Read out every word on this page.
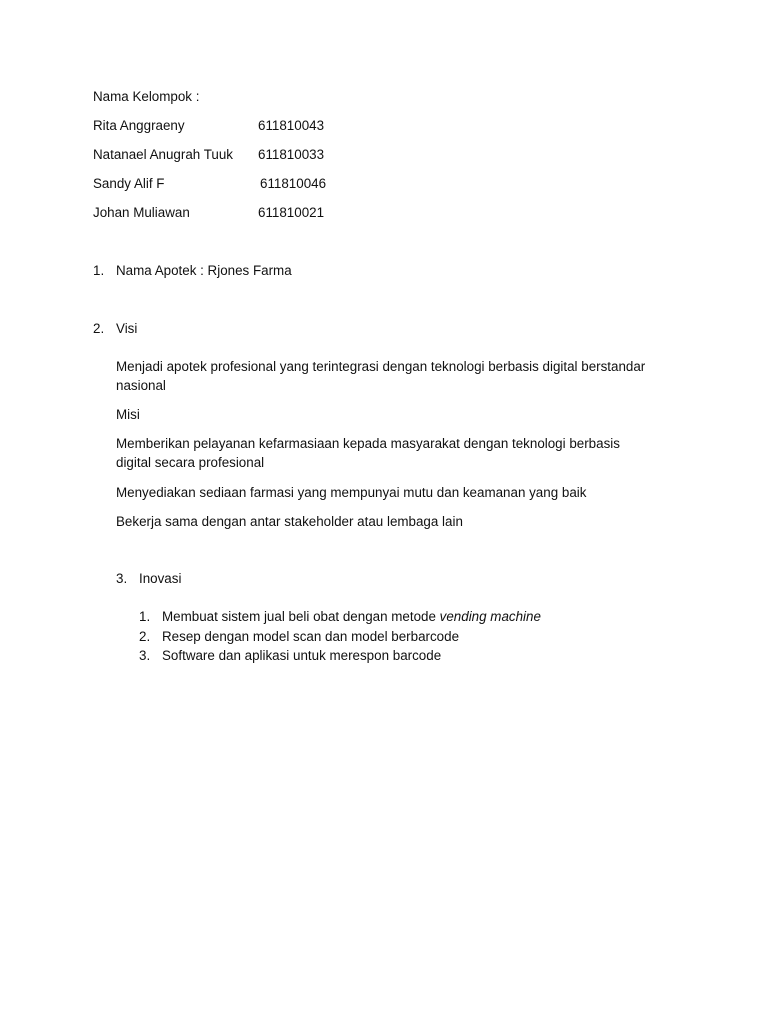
Nama Kelompok :
Rita Anggraeny	611810043
Natanael Anugrah Tuuk 611810033
Sandy Alif F	611810046
Johan Muliawan	611810021
1. Nama Apotek : Rjones Farma
2. Visi
Menjadi apotek profesional yang terintegrasi dengan teknologi berbasis digital berstandar nasional
Misi
Memberikan pelayanan kefarmasiaan kepada masyarakat dengan teknologi berbasis digital secara profesional
Menyediakan sediaan farmasi yang mempunyai mutu dan keamanan yang baik
Bekerja sama dengan antar stakeholder atau lembaga lain
3. Inovasi
1. Membuat sistem jual beli obat dengan metode vending machine
2. Resep dengan model scan dan model berbarcode
3. Software dan aplikasi untuk merespon barcode
